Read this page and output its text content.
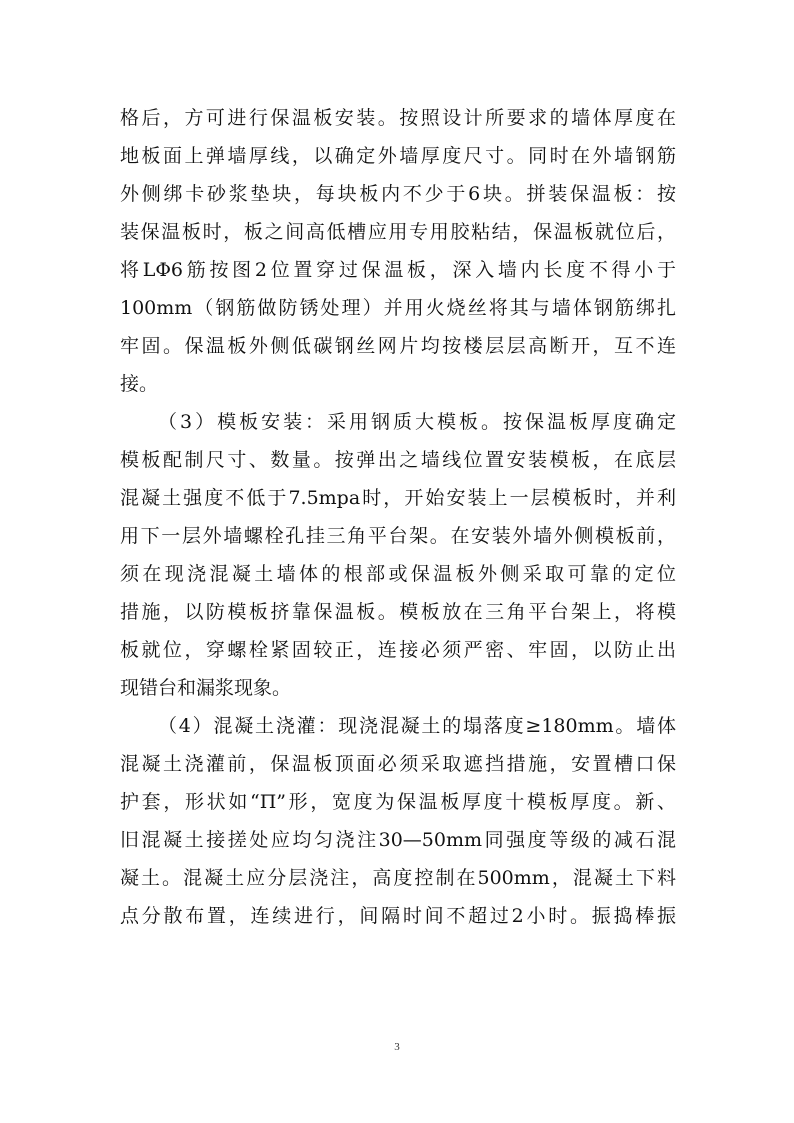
格后，方可进行保温板安装。按照设计所要求的墙体厚度在
地板面上弹墙厚线，以确定外墙厚度尺寸。同时在外墙钢筋
外侧绑卡砂浆垫块，每块板内不少于6块。拼装保温板：按
装保温板时，板之间高低槽应用专用胶粘结，保温板就位后，
将LΦ6筋按图2位置穿过保温板，深入墙内长度不得小于
100mm（钢筋做防锈处理）并用火烧丝将其与墙体钢筋绑扎
牢固。保温板外侧低碳钢丝网片均按楼层层高断开，互不连
接。
（3）模板安装：采用钢质大模板。按保温板厚度确定
模板配制尺寸、数量。按弹出之墙线位置安装模板，在底层
混凝土强度不低于7.5mpa时，开始安装上一层模板时，并利
用下一层外墙螺栓孔挂三角平台架。在安装外墙外侧模板前，
须在现浇混凝土墙体的根部或保温板外侧采取可靠的定位
措施，以防模板挤靠保温板。模板放在三角平台架上，将模
板就位，穿螺栓紧固较正，连接必须严密、牢固，以防止出
现错台和漏浆现象。
（4）混凝土浇灌：现浇混凝土的塌落度≥180mm。墙体
混凝土浇灌前，保温板顶面必须采取遮挡措施，安置槽口保
护套，形状如“Π”形，宽度为保温板厚度十模板厚度。新、
旧混凝土接搓处应均匀浇注30—50mm同强度等级的减石混
凝土。混凝土应分层浇注，高度控制在500mm，混凝土下料
点分散布置，连续进行，间隔时间不超过2小时。振捣棒振
3
